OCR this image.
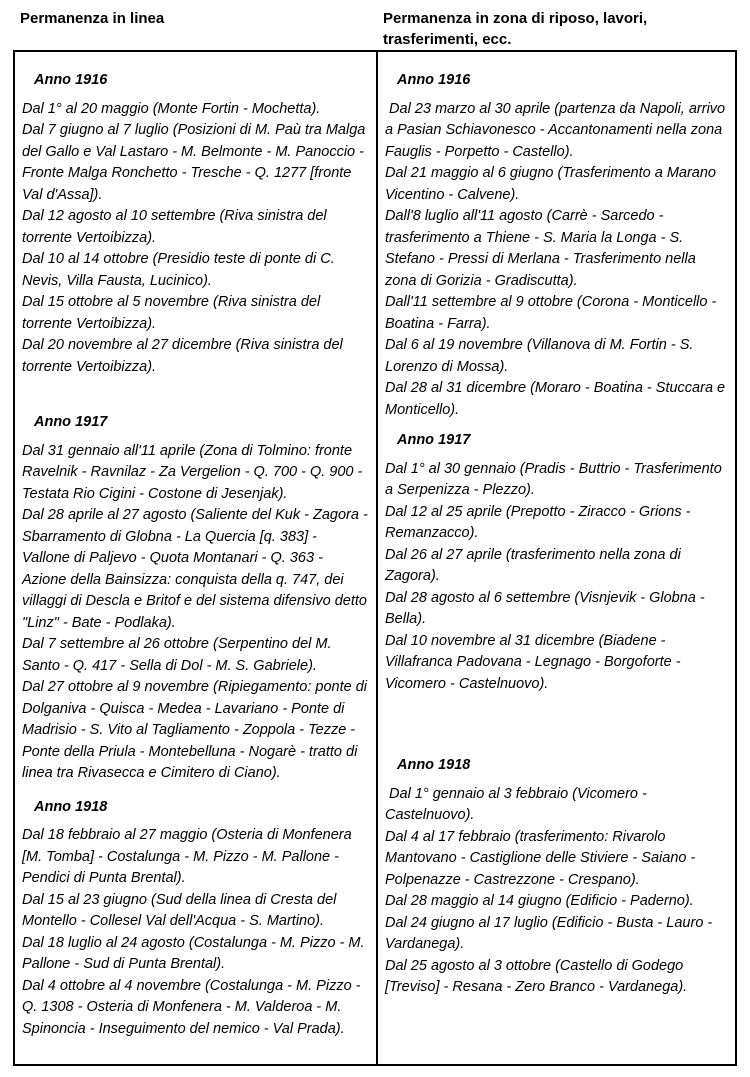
Permanenza in linea	Permanenza in zona di riposo, lavori, trasferimenti, ecc.

Anno 1916

Dal 1° al 20 maggio (Monte Fortin - Mochetta).

Dal 7 giugno al 7 luglio (Posizioni di M. Paù tra Malga del Gallo e Val Lastaro - M. Belmonte - M. Panoccio - Fronte Malga Ronchetto - Tresche - Q. 1277 [fronte Val d'Assa]).

Dal 12 agosto al 10 settembre (Riva sinistra del torrente Vertoibizza).

Dal 10 al 14 ottobre (Presidio teste di ponte di C. Nevis, Villa Fausta, Lucinico).

Dal 15 ottobre al 5 novembre (Riva sinistra del torrente Vertoibizza).

Dal 20 novembre al 27 dicembre (Riva sinistra del torrente Vertoibizza).

Anno 1917

Dal 31 gennaio all'11 aprile (Zona di Tolmino: fronte Ravelnik - Ravnilaz - Za Vergelion - Q. 700 - Q. 900 - Testata Rio Cigini - Costone di Jesenjak).

Dal 28 aprile al 27 agosto (Saliente del Kuk - Zagora - Sbarramento di Globna - La Quercia [q. 383] - Vallone di Paljevo - Quota Montanari - Q. 363 - Azione della Bainsizza: conquista della q. 747, dei villaggi di Descla e Britof e del sistema difensivo detto "Linz" - Bate - Podlaka).

Dal 7 settembre al 26 ottobre (Serpentino del M. Santo - Q. 417 - Sella di Dol - M. S. Gabriele).

Dal 27 ottobre al 9 novembre (Ripiegamento: ponte di Dolganiva - Quisca - Medea - Lavariano - Ponte di Madrisio - S. Vito al Tagliamento - Zoppola - Tezze - Ponte della Priula - Montebelluna - Nogarè - tratto di linea tra Rivasecca e Cimitero di Ciano).

Anno 1918

Dal 18 febbraio al 27 maggio (Osteria di Monfenera [M. Tomba] - Costalunga - M. Pizzo - M. Pallone - Pendici di Punta Brental).

Dal 15 al 23 giugno (Sud della linea di Cresta del Montello - Collesel Val dell'Acqua - S. Martino).

Dal 18 luglio al 24 agosto (Costalunga - M. Pizzo - M. Pallone - Sud di Punta Brental).

Dal 4 ottobre al 4 novembre (Costalunga - M. Pizzo - Q. 1308 - Osteria di Monfenera - M. Valderoa - M. Spinoncia - Inseguimento del nemico - Val Prada).

Anno 1916

Dal 23 marzo al 30 aprile (partenza da Napoli, arrivo a Pasian Schiavonesco - Accantonamenti nella zona Fauglis - Porpetto - Castello).

Dal 21 maggio al 6 giugno (Trasferimento a Marano Vicentino - Calvene).

Dall'8 luglio all'11 agosto (Carrè - Sarcedo - trasferimento a Thiene - S. Maria la Longa - S. Stefano - Pressi di Merlana - Trasferimento nella zona di Gorizia - Gradiscutta).

Dall'11 settembre al 9 ottobre (Corona - Monticello - Boatina - Farra).

Dal 6 al 19 novembre (Villanova di M. Fortin - S. Lorenzo di Mossa).

Dal 28 al 31 dicembre (Moraro - Boatina - Stuccara e Monticello).

Anno 1917

Dal 1° al 30 gennaio (Pradis - Buttrio - Trasferimento a Serpenizza - Plezzo).

Dal 12 al 25 aprile (Prepotto - Ziracco - Grions - Remanzacco).

Dal 26 al 27 aprile (trasferimento nella zona di Zagora).

Dal 28 agosto al 6 settembre (Visnjevik - Globna - Bella).

Dal 10 novembre al 31 dicembre (Biadene - Villafranca Padovana - Legnago - Borgoforte - Vicomero - Castelnuovo).

Anno 1918

Dal 1° gennaio al 3 febbraio (Vicomero - Castelnuovo).

Dal 4 al 17 febbraio (trasferimento: Rivarolo Mantovano - Castiglione delle Stiviere - Saiano - Polpenazze - Castrezzone - Crespano).

Dal 28 maggio al 14 giugno (Edificio - Paderno).

Dal 24 giugno al 17 luglio (Edificio - Busta - Lauro - Vardanega).

Dal 25 agosto al 3 ottobre (Castello di Godego [Treviso] - Resana - Zero Branco - Vardanega).
